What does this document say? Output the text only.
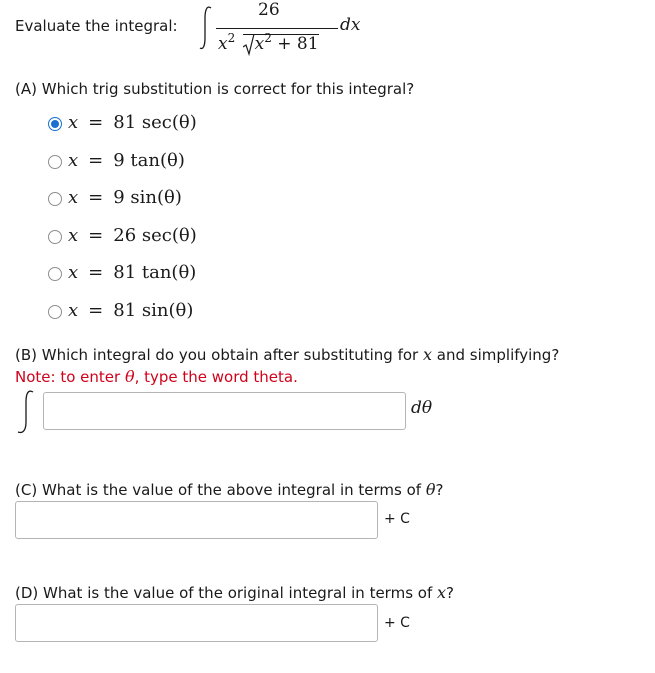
Evaluate the integral:
26
dx
$x^2$ $x^2 + 81$
(A) Which trig substitution is correct for this integral?
x = 81 sec(θ)
x = 9 tan(θ)
x = 9 sin(θ)
x = 26 sec(θ)
x = 81 tan(θ)
x = 81 sin(θ)
(B) Which integral do you obtain after substituting for x and simplifying?
Note: to enter θ, type the word theta.
dθ
(C) What is the value of the above integral in terms of θ?
+ C
(D) What is the value of the original integral in terms of x?
+ C
